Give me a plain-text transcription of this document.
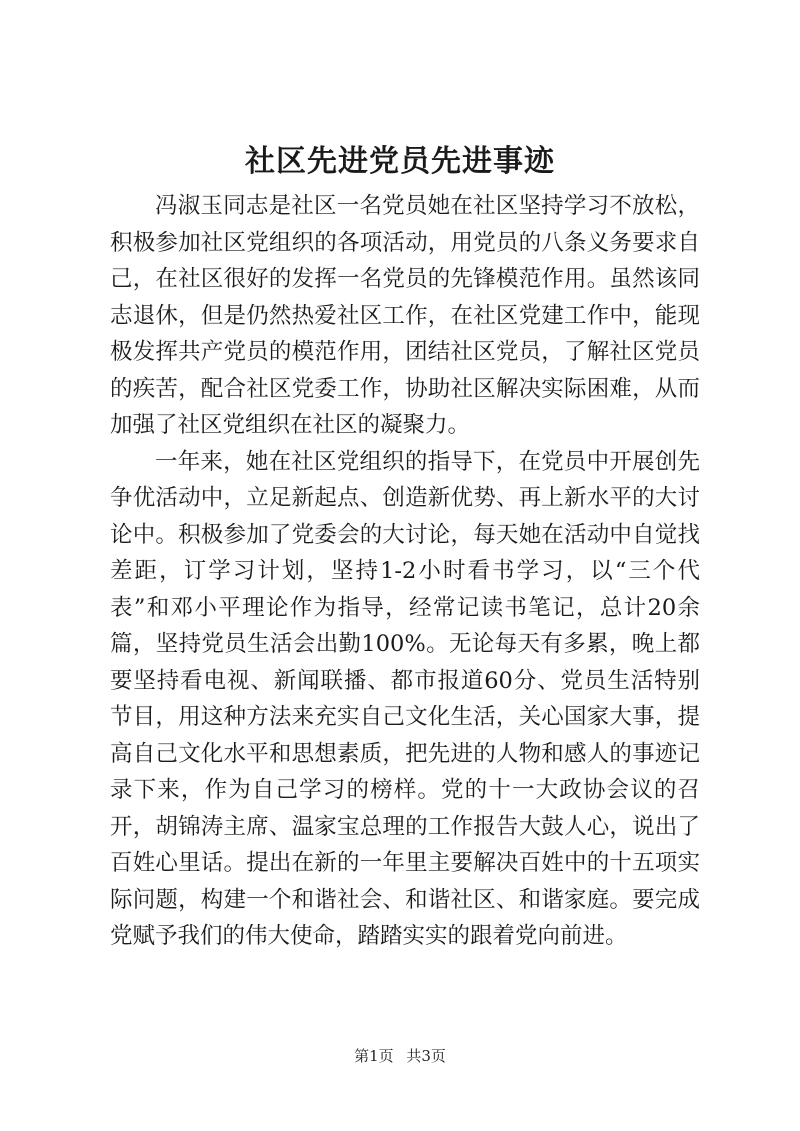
社区先进党员先进事迹

冯淑玉同志是社区一名党员她在社区坚持学习不放松，积极参加社区党组织的各项活动，用党员的八条义务要求自己，在社区很好的发挥一名党员的先锋模范作用。虽然该同志退休，但是仍然热爱社区工作，在社区党建工作中，能现极发挥共产党员的模范作用，团结社区党员，了解社区党员的疾苦，配合社区党委工作，协助社区解决实际困难，从而加强了社区党组织在社区的凝聚力。

一年来，她在社区党组织的指导下，在党员中开展创先争优活动中，立足新起点、创造新优势、再上新水平的大讨论中。积极参加了党委会的大讨论，每天她在活动中自觉找差距，订学习计划，坚持1-2小时看书学习，以“三个代表”和邓小平理论作为指导，经常记读书笔记，总计20余篇，坚持党员生活会出勤100%。无论每天有多累，晚上都要坚持看电视、新闻联播、都市报道60分、党员生活特别节目，用这种方法来充实自己文化生活，关心国家大事，提高自己文化水平和思想素质，把先进的人物和感人的事迹记录下来，作为自己学习的榜样。党的十一大政协会议的召开，胡锦涛主席、温家宝总理的工作报告大鼓人心，说出了百姓心里话。提出在新的一年里主要解决百姓中的十五项实际问题，构建一个和谐社会、和谐社区、和谐家庭。要完成党赋予我们的伟大使命，踏踏实实的跟着党向前进。

第1页 共3页
